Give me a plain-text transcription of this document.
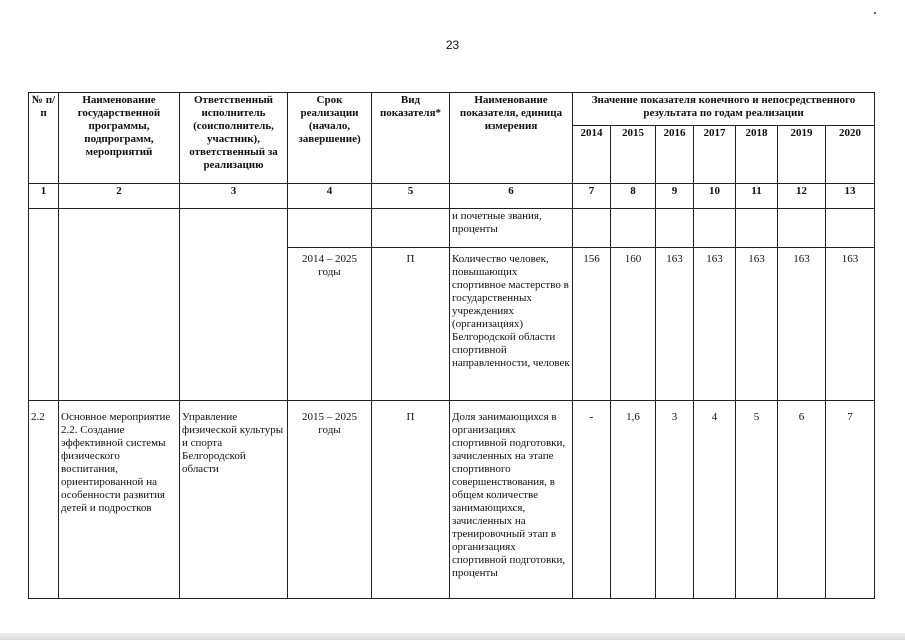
23
№ п/п	Наименование государственной программы, подпрограмм, мероприятий	Ответственный исполнитель (соисполнитель, участник), ответственный за реализацию	Срок реализации (начало, завершение)	Вид показателя*	Наименование показателя, единица измерения	Значение показателя конечного и непосредственного результата по годам реализации						
						2014	2015	2016	2017	2018	2019	2020
1	2	3	4	5	6	7	8	9	10	11	12	13
					и почетные звания, проценты							
			2014 – 2025 годы	П	Количество человек, повышающих спортивное мастерство в государственных учреждениях (организациях) Белгородской области спортивной направленности, человек	156	160	163	163	163	163	163
2.2	Основное мероприятие 2.2. Создание эффективной системы физического воспитания, ориентированной на особенности развития детей и подростков	Управление физической культуры и спорта Белгородской области	2015 – 2025 годы	П	Доля занимающихся в организациях спортивной подготовки, зачисленных на этапе спортивного совершенствования, в общем количестве занимающихся, зачисленных на тренировочный этап в организациях спортивной подготовки, проценты	-	1,6	3	4	5	6	7
